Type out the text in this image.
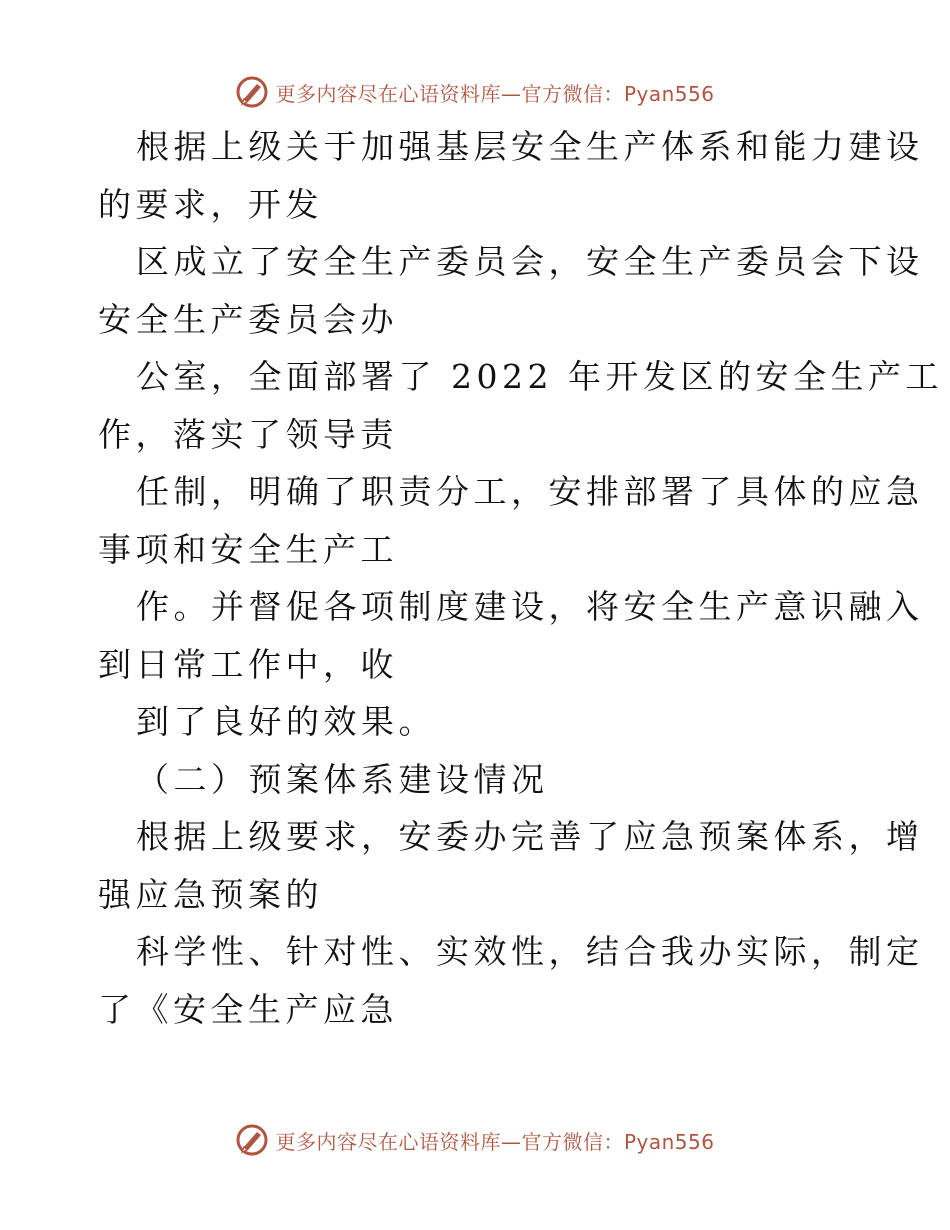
更多内容尽在心语资料库—官方微信：Pyan556
根据上级关于加强基层安全生产体系和能力建设
的要求，开发
区成立了安全生产委员会，安全生产委员会下设
安全生产委员会办
公室，全面部署了 2022 年开发区的安全生产工
作，落实了领导责
任制，明确了职责分工，安排部署了具体的应急
事项和安全生产工
作。并督促各项制度建设，将安全生产意识融入
到日常工作中，收
到了良好的效果。
（二）预案体系建设情况
根据上级要求，安委办完善了应急预案体系，增
强应急预案的
科学性、针对性、实效性，结合我办实际，制定
了《安全生产应急
更多内容尽在心语资料库—官方微信：Pyan556
